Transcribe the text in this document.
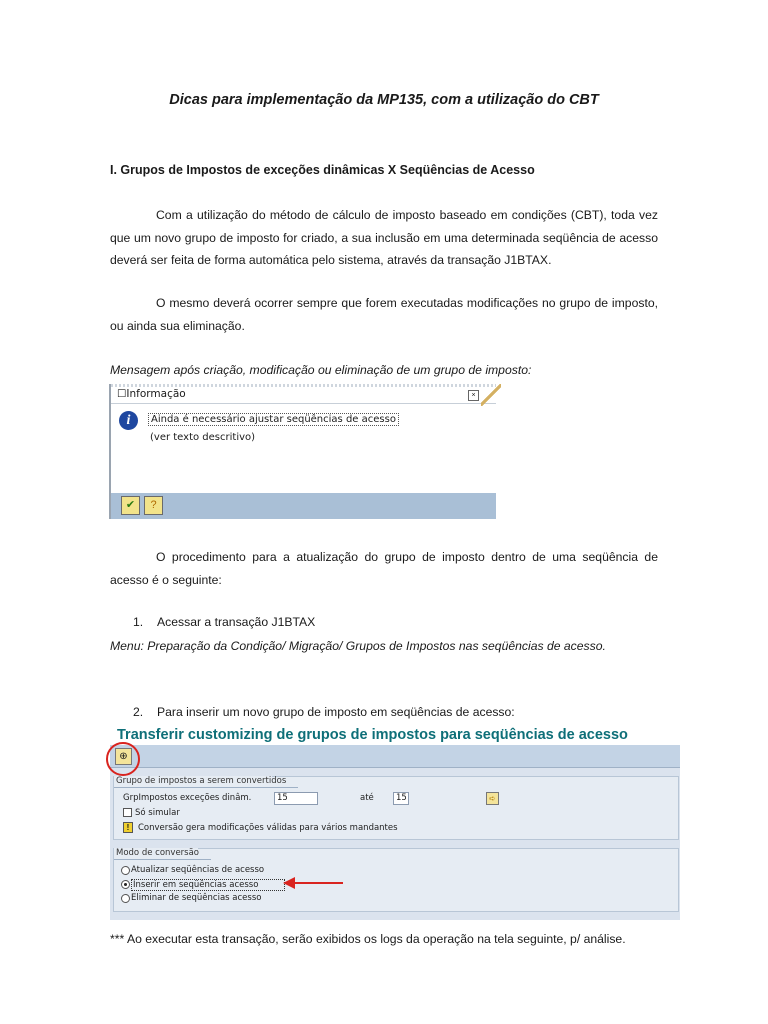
Dicas para implementação da MP135, com a utilização do CBT
I. Grupos de Impostos de exceções dinâmicas X Seqüências de Acesso
Com a utilização do método de cálculo de imposto baseado em condições (CBT), toda vez que um novo grupo de imposto for criado, a sua inclusão em uma determinada seqüência de acesso deverá ser feita de forma automática pelo sistema, através da transação J1BTAX.
O mesmo deverá ocorrer sempre que forem executadas modificações no grupo de imposto, ou ainda sua eliminação.
Mensagem após criação, modificação ou eliminação de um grupo de imposto:
☐Informação	×
i	Ainda é necessário ajustar seqüências de acesso
(ver texto descritivo)
✔	?
O procedimento para a atualização do grupo de imposto dentro de uma seqüência de acesso é o seguinte:
1. Acessar a transação J1BTAX
Menu: Preparação da Condição/ Migração/ Grupos de Impostos nas seqüências de acesso.
2. Para inserir um novo grupo de imposto em seqüências de acesso:
Transferir customizing de grupos de impostos para seqüências de acesso
⊕
Grupo de impostos a serem convertidos
GrpImpostos exceções dinâm.	15	até	15	➪
Só simular
!	Conversão gera modificações válidas para vários mandantes
Modo de conversão
Atualizar seqüências de acesso
Inserir em seqüências acesso
Eliminar de seqüências acesso
*** Ao executar esta transação, serão exibidos os logs da operação na tela seguinte, p/ análise.
